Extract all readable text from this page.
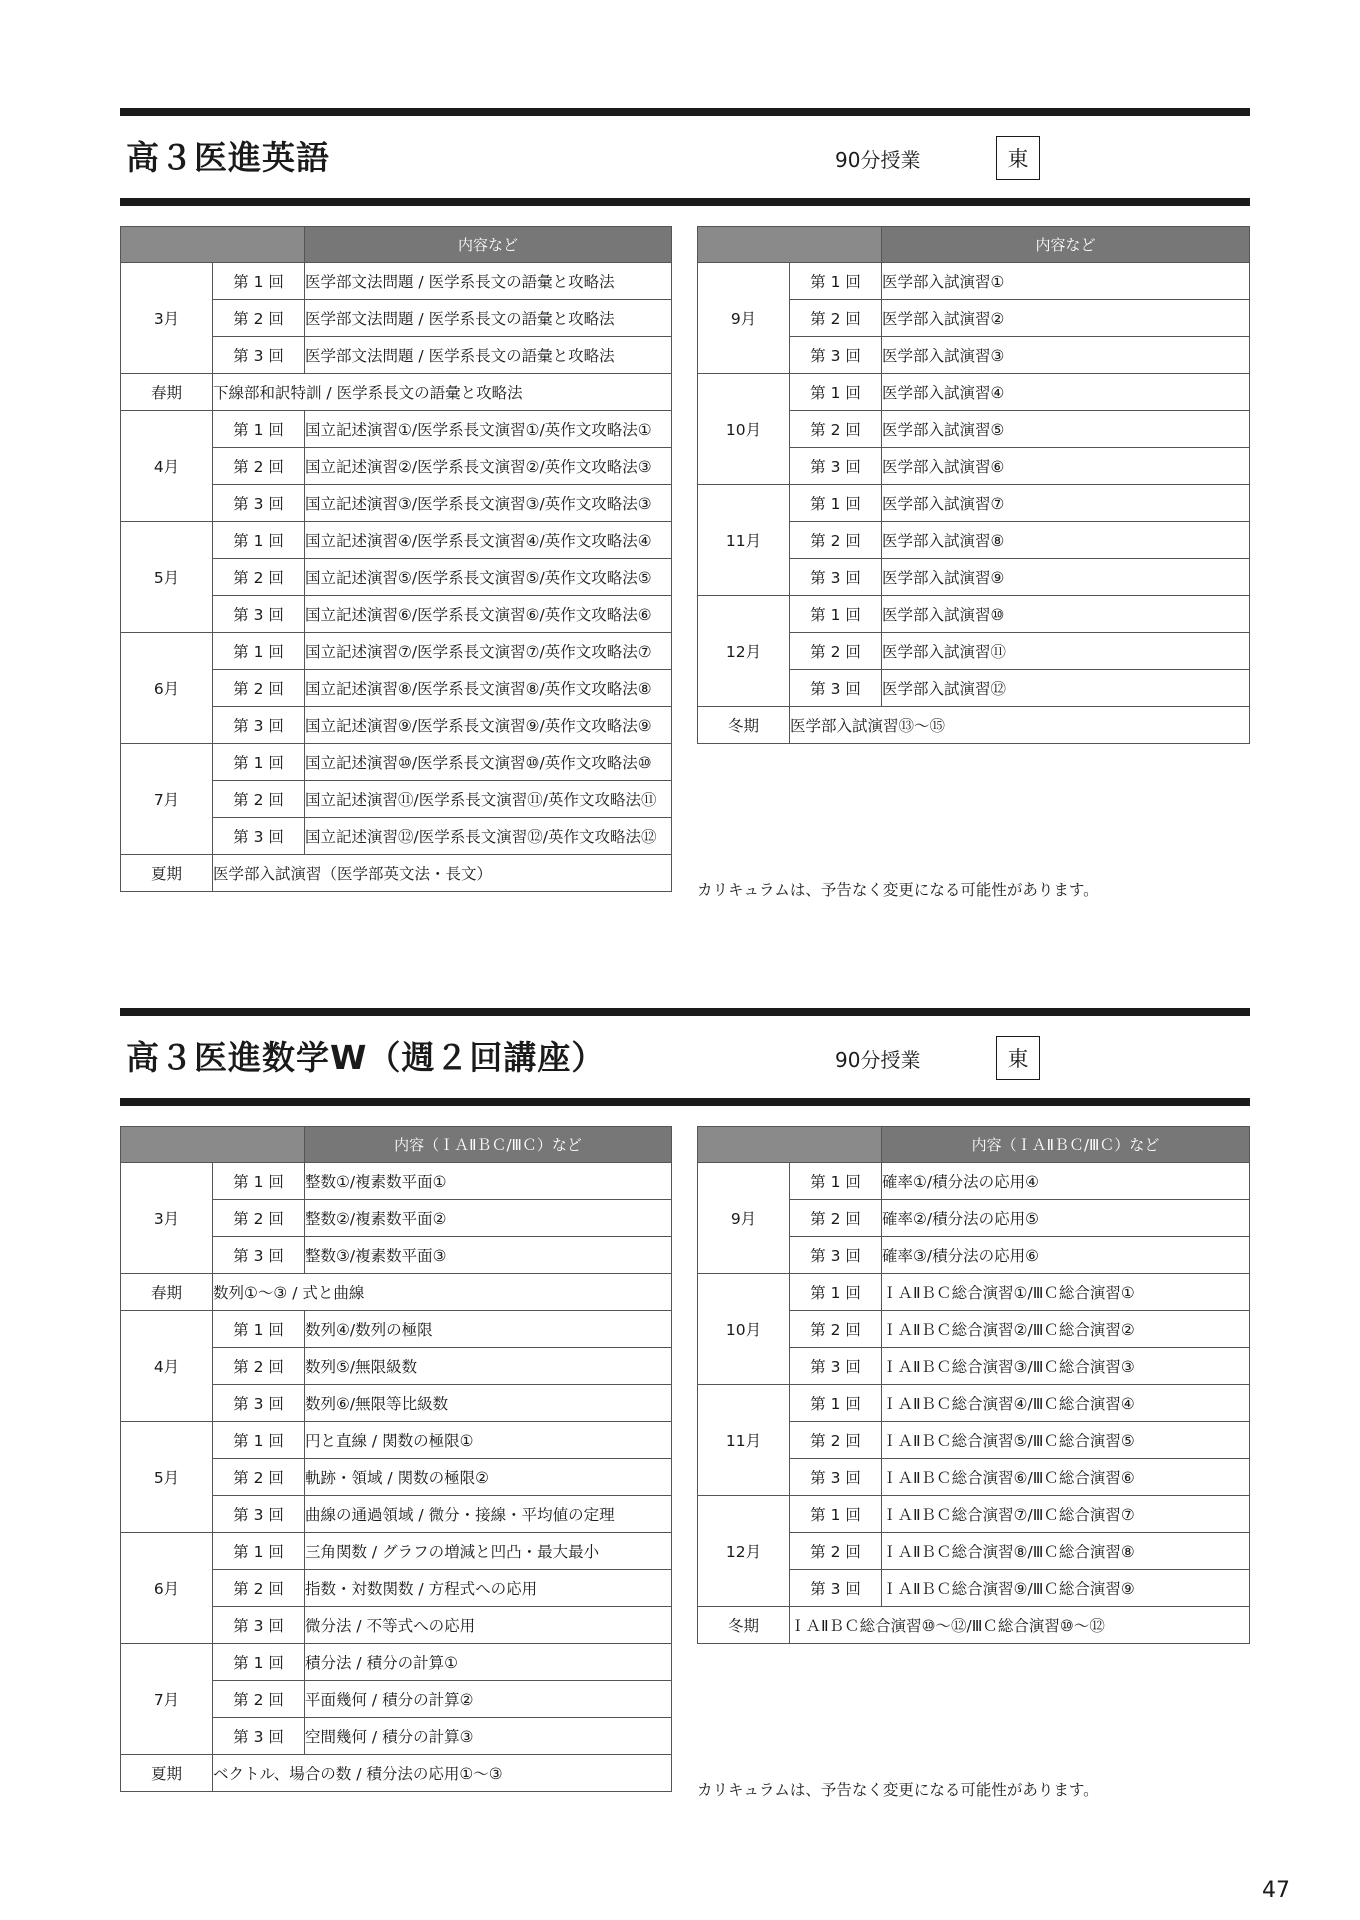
高３医進英語	90分授業	東
		内容など
3月	第 1 回	医学部文法問題 / 医学系長文の語彙と攻略法
	第 2 回	医学部文法問題 / 医学系長文の語彙と攻略法
	第 3 回	医学部文法問題 / 医学系長文の語彙と攻略法
春期	下線部和訳特訓 / 医学系長文の語彙と攻略法	
4月	第 1 回	国立記述演習①/医学系長文演習①/英作文攻略法①
	第 2 回	国立記述演習②/医学系長文演習②/英作文攻略法③
	第 3 回	国立記述演習③/医学系長文演習③/英作文攻略法③
5月	第 1 回	国立記述演習④/医学系長文演習④/英作文攻略法④
	第 2 回	国立記述演習⑤/医学系長文演習⑤/英作文攻略法⑤
	第 3 回	国立記述演習⑥/医学系長文演習⑥/英作文攻略法⑥
6月	第 1 回	国立記述演習⑦/医学系長文演習⑦/英作文攻略法⑦
	第 2 回	国立記述演習⑧/医学系長文演習⑧/英作文攻略法⑧
	第 3 回	国立記述演習⑨/医学系長文演習⑨/英作文攻略法⑨
7月	第 1 回	国立記述演習⑩/医学系長文演習⑩/英作文攻略法⑩
	第 2 回	国立記述演習⑪/医学系長文演習⑪/英作文攻略法⑪
	第 3 回	国立記述演習⑫/医学系長文演習⑫/英作文攻略法⑫
夏期	医学部入試演習（医学部英文法・長文）	
		内容など
9月	第 1 回	医学部入試演習①
	第 2 回	医学部入試演習②
	第 3 回	医学部入試演習③
10月	第 1 回	医学部入試演習④
	第 2 回	医学部入試演習⑤
	第 3 回	医学部入試演習⑥
11月	第 1 回	医学部入試演習⑦
	第 2 回	医学部入試演習⑧
	第 3 回	医学部入試演習⑨
12月	第 1 回	医学部入試演習⑩
	第 2 回	医学部入試演習⑪
	第 3 回	医学部入試演習⑫
冬期	医学部入試演習⑬〜⑮	
カリキュラムは、予告なく変更になる可能性があります。
高３医進数学W（週２回講座）	90分授業	東
		内容（ＩＡⅡＢＣ/ⅢＣ）など
3月	第 1 回	整数①/複素数平面①
	第 2 回	整数②/複素数平面②
	第 3 回	整数③/複素数平面③
春期	数列①〜③ / 式と曲線	
4月	第 1 回	数列④/数列の極限
	第 2 回	数列⑤/無限級数
	第 3 回	数列⑥/無限等比級数
5月	第 1 回	円と直線 / 関数の極限①
	第 2 回	軌跡・領域 / 関数の極限②
	第 3 回	曲線の通過領域 / 微分・接線・平均値の定理
6月	第 1 回	三角関数 / グラフの増減と凹凸・最大最小
	第 2 回	指数・対数関数 / 方程式への応用
	第 3 回	微分法 / 不等式への応用
7月	第 1 回	積分法 / 積分の計算①
	第 2 回	平面幾何 / 積分の計算②
	第 3 回	空間幾何 / 積分の計算③
夏期	ベクトル、場合の数 / 積分法の応用①〜③	
		内容（ＩＡⅡＢＣ/ⅢＣ）など
9月	第 1 回	確率①/積分法の応用④
	第 2 回	確率②/積分法の応用⑤
	第 3 回	確率③/積分法の応用⑥
10月	第 1 回	ＩＡⅡＢＣ総合演習①/ⅢＣ総合演習①
	第 2 回	ＩＡⅡＢＣ総合演習②/ⅢＣ総合演習②
	第 3 回	ＩＡⅡＢＣ総合演習③/ⅢＣ総合演習③
11月	第 1 回	ＩＡⅡＢＣ総合演習④/ⅢＣ総合演習④
	第 2 回	ＩＡⅡＢＣ総合演習⑤/ⅢＣ総合演習⑤
	第 3 回	ＩＡⅡＢＣ総合演習⑥/ⅢＣ総合演習⑥
12月	第 1 回	ＩＡⅡＢＣ総合演習⑦/ⅢＣ総合演習⑦
	第 2 回	ＩＡⅡＢＣ総合演習⑧/ⅢＣ総合演習⑧
	第 3 回	ＩＡⅡＢＣ総合演習⑨/ⅢＣ総合演習⑨
冬期	ＩＡⅡＢＣ総合演習⑩〜⑫/ⅢＣ総合演習⑩〜⑫	
カリキュラムは、予告なく変更になる可能性があります。
47
